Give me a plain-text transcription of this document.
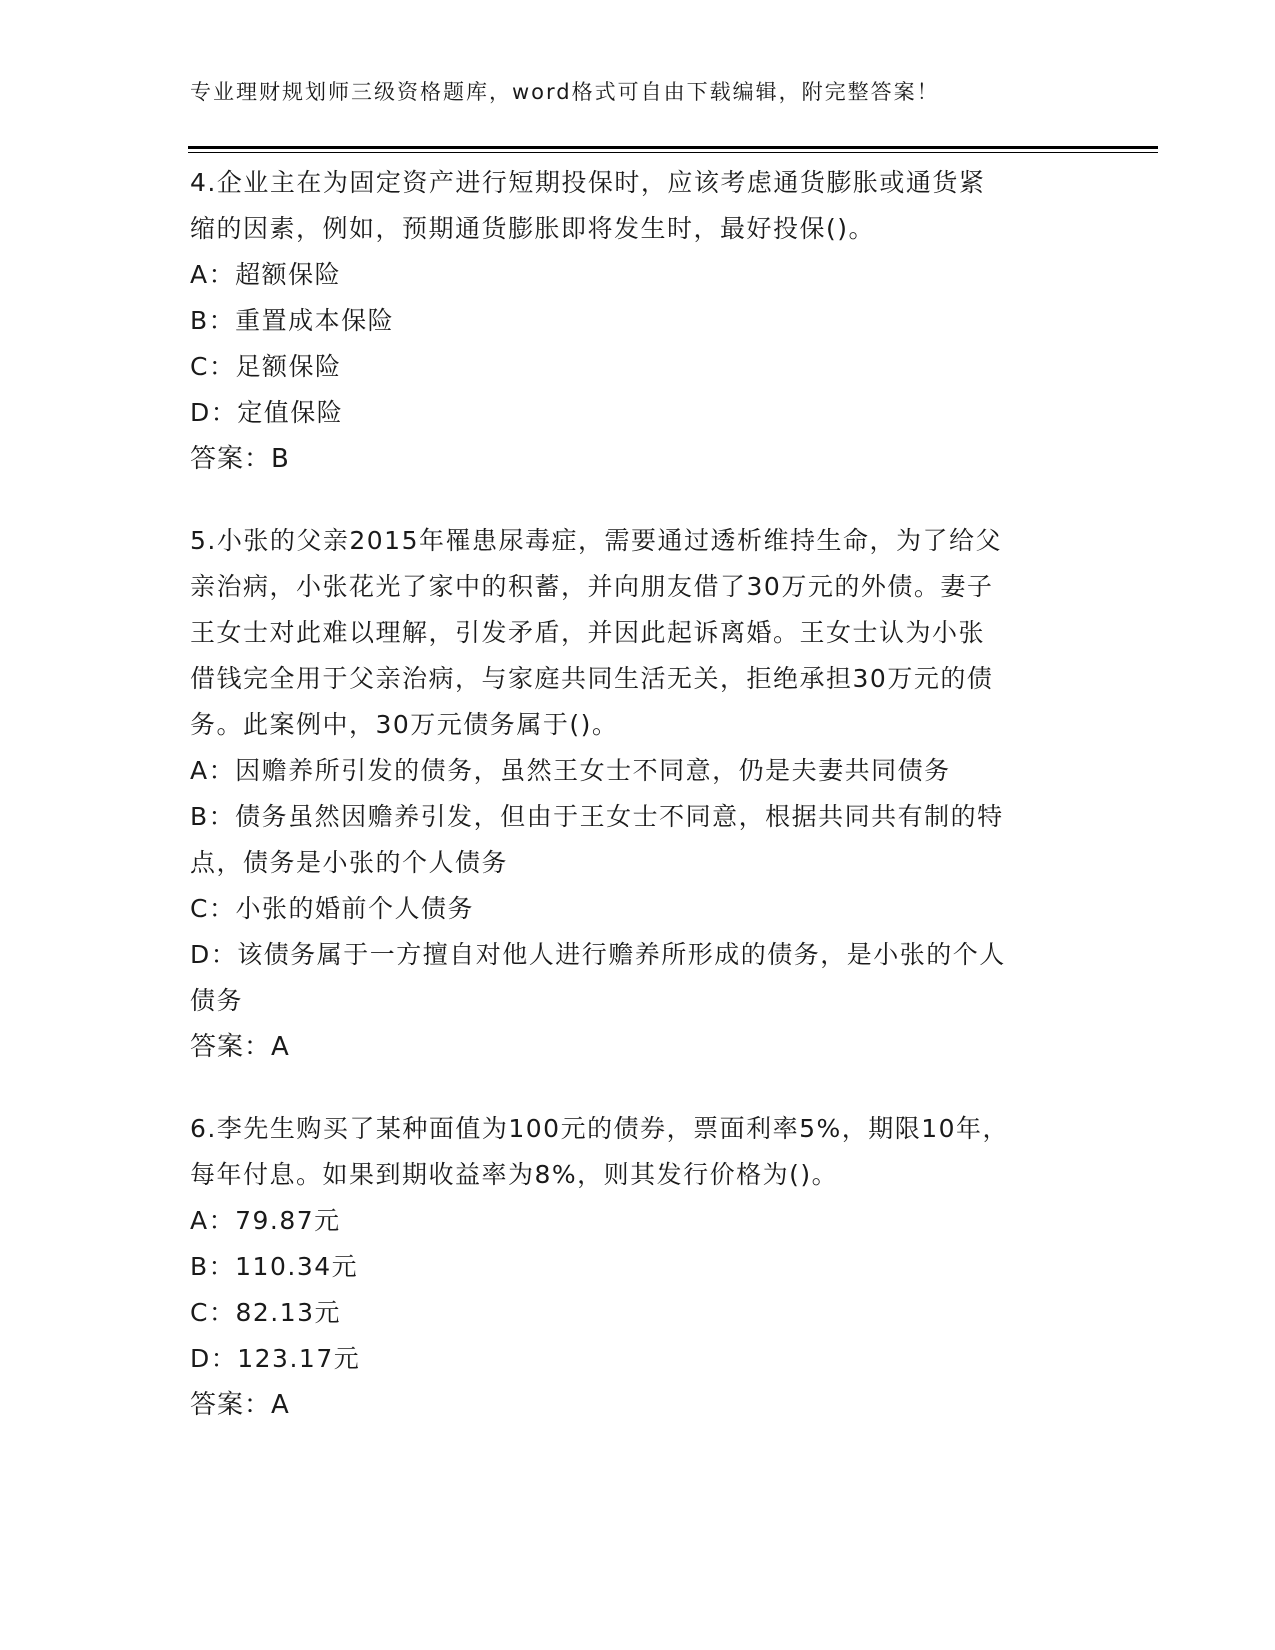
专业理财规划师三级资格题库，word格式可自由下载编辑，附完整答案！
4.企业主在为固定资产进行短期投保时，应该考虑通货膨胀或通货紧
缩的因素，例如，预期通货膨胀即将发生时，最好投保()。
A：超额保险
B：重置成本保险
C：足额保险
D：定值保险
答案：B
5.小张的父亲2015年罹患尿毒症，需要通过透析维持生命，为了给父
亲治病，小张花光了家中的积蓄，并向朋友借了30万元的外债。妻子
王女士对此难以理解，引发矛盾，并因此起诉离婚。王女士认为小张
借钱完全用于父亲治病，与家庭共同生活无关，拒绝承担30万元的债
务。此案例中，30万元债务属于()。
A：因赡养所引发的债务，虽然王女士不同意，仍是夫妻共同债务
B：债务虽然因赡养引发，但由于王女士不同意，根据共同共有制的特
点，债务是小张的个人债务
C：小张的婚前个人债务
D：该债务属于一方擅自对他人进行赡养所形成的债务，是小张的个人
债务
答案：A
6.李先生购买了某种面值为100元的债券，票面利率5%，期限10年，
每年付息。如果到期收益率为8%，则其发行价格为()。
A：79.87元
B：110.34元
C：82.13元
D：123.17元
答案：A
